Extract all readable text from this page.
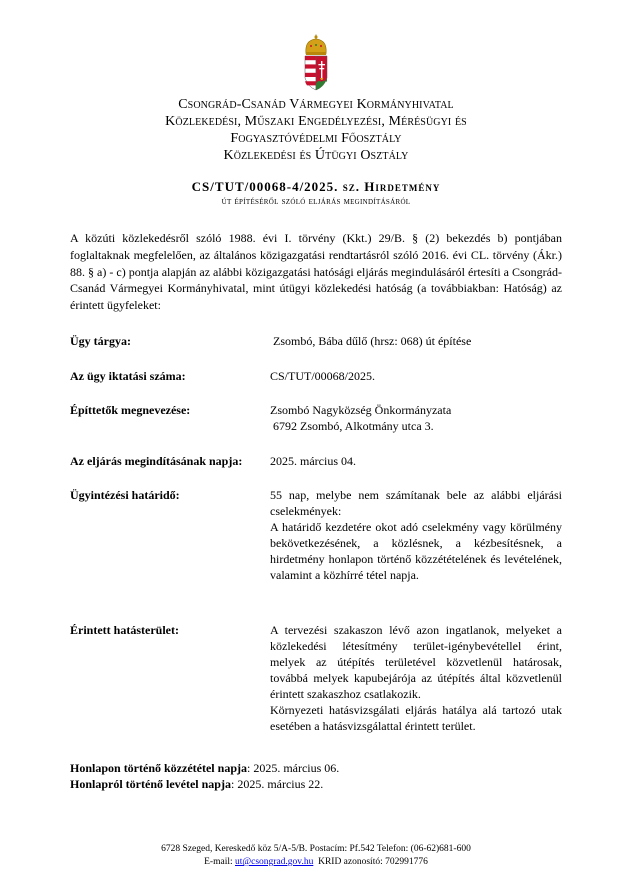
Csongrád-Csanád Vármegyei Kormányhivatal
Közlekedési, Műszaki Engedélyezési, Mérésügyi és
Fogyasztóvédelmi Főosztály
Közlekedési és Útügyi Osztály
CS/TUT/00068-4/2025. sz. Hirdetmény
út építéséről szóló eljárás megindításáról
A közúti közlekedésről szóló 1988. évi I. törvény (Kkt.) 29/B. § (2) bekezdés b) pontjában foglaltaknak megfelelően, az általános közigazgatási rendtartásról szóló 2016. évi CL. törvény (Ákr.) 88. § a) - c) pontja alapján az alábbi közigazgatási hatósági eljárás megindulásáról értesíti a Csongrád-Csanád Vármegyei Kormányhivatal, mint útügyi közlekedési hatóság (a továbbiakban: Hatóság) az érintett ügyfeleket:
Ügy tárgya:	Zsombó, Bába dűlő (hrsz: 068) út építése
Az ügy iktatási száma:	CS/TUT/00068/2025.
Építtetők megnevezése:	Zsombó Nagyközség Önkormányzata

6792 Zsombó, Alkotmány utca 3.

Az eljárás megindításának napja:	2025. március 04.
Ügyintézési határidő:	55 nap, melybe nem számítanak bele az alábbi eljárási cselekmények:

A határidő kezdetére okot adó cselekmény vagy körülmény bekövetkezésének, a közlésnek, a kézbesítésnek, a hirdetmény honlapon történő közzétételének és levételének, valamint a közhírré tétel napja.

Érintett hatásterület:	A tervezési szakaszon lévő azon ingatlanok, melyeket a közlekedési létesítmény terület-igénybevétellel érint, melyek az útépítés területével közvetlenül határosak, továbbá melyek kapubejárója az útépítés által közvetlenül érintett szakaszhoz csatlakozik.

Környezeti hatásvizsgálati eljárás hatálya alá tartozó utak esetében a hatásvizsgálattal érintett terület.

Honlapon történő közzététel napja: 2025. március 06.
Honlapról történő levétel napja: 2025. március 22.
6728 Szeged, Kereskedő köz 5/A-5/B. Postacím: Pf.542 Telefon: (06-62)681-600
E-mail: ut@csongrad.gov.hu  KRID azonosító: 702991776
